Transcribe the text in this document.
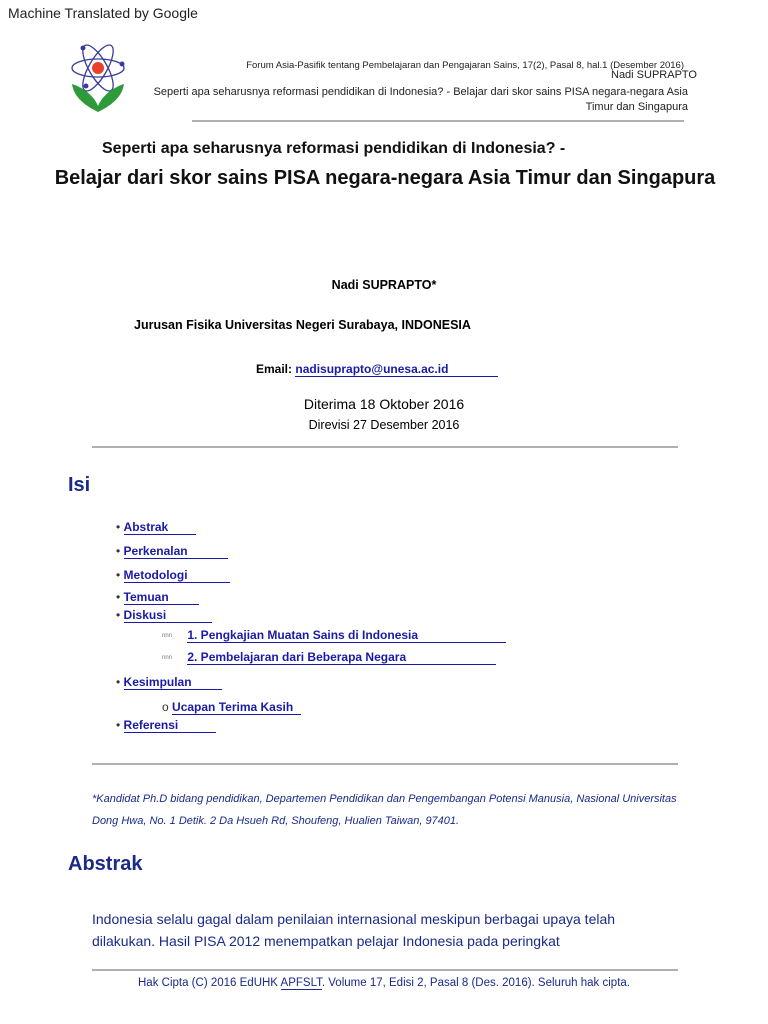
Machine Translated by Google
Forum Asia-Pasifik tentang Pembelajaran dan Pengajaran Sains, 17(2), Pasal 8, hal.1 (Desember 2016)
Nadi SUPRAPTO
Seperti apa seharusnya reformasi pendidikan di Indonesia? - Belajar dari skor sains PISA negara-negara Asia Timur dan Singapura
Seperti apa seharusnya reformasi pendidikan di Indonesia? -
Belajar dari skor sains PISA negara-negara Asia Timur dan Singapura
Nadi SUPRAPTO*
Jurusan Fisika Universitas Negeri Surabaya, INDONESIA
Email: nadisuprapto@unesa.ac.id
Diterima 18 Oktober 2016
Direvisi 27 Desember 2016
Isi
• Abstrak
• Perkenalan
• Metodologi
• Temuan
• Diskusi
nnn 1. Pengkajian Muatan Sains di Indonesia
nnn 2. Pembelajaran dari Beberapa Negara
• Kesimpulan
o Ucapan Terima Kasih
• Referensi
*Kandidat Ph.D bidang pendidikan, Departemen Pendidikan dan Pengembangan Potensi Manusia, Nasional Universitas Dong Hwa, No. 1 Detik. 2 Da Hsueh Rd, Shoufeng, Hualien Taiwan, 97401.
Abstrak
Indonesia selalu gagal dalam penilaian internasional meskipun berbagai upaya telah dilakukan. Hasil PISA 2012 menempatkan pelajar Indonesia pada peringkat
Hak Cipta (C) 2016 EdUHK APFSLT. Volume 17, Edisi 2, Pasal 8 (Des. 2016). Seluruh hak cipta.
